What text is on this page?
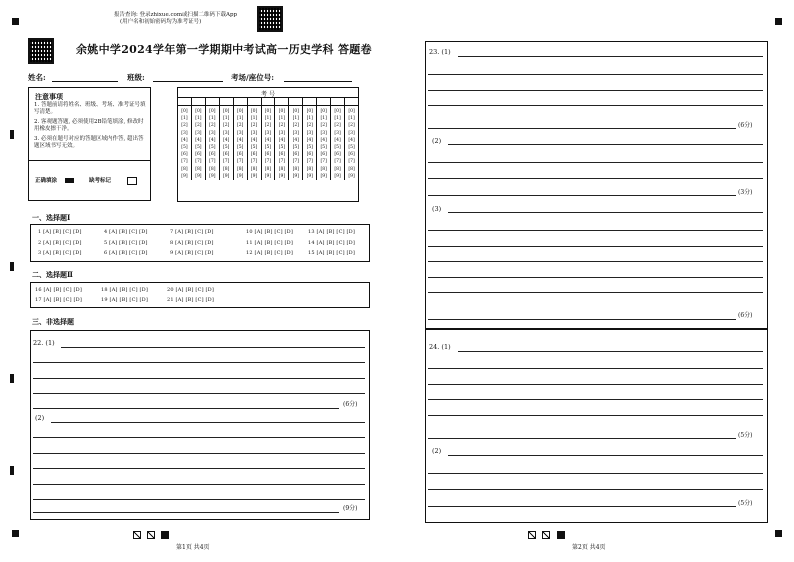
报告查询: 登录zhixue.com或扫描二维码下载App
(用户名和初始密码均为准考证号)
余姚中学2024学年第一学期期中考试高一历史学科 答题卷
姓名:	班级:	考场/座位号:
注意事项
1. 答题前请将姓名、班级、考场、准考证号填写清楚。
2. 客观题答题, 必须使用2B铅笔填涂, 修改时用橡皮擦干净。
3. 必须在题号对应的答题区域内作答, 超出答题区域书写无效。
正确填涂	缺考标记
考 号

[0]	[0]	[0]	[0]	[0]	[0]	[0]	[0]	[0]	[0]	[0]	[0]	[0]
[1]	[1]	[1]	[1]	[1]	[1]	[1]	[1]	[1]	[1]	[1]	[1]	[1]
[2]	[2]	[2]	[2]	[2]	[2]	[2]	[2]	[2]	[2]	[2]	[2]	[2]
[3]	[3]	[3]	[3]	[3]	[3]	[3]	[3]	[3]	[3]	[3]	[3]	[3]
[4]	[4]	[4]	[4]	[4]	[4]	[4]	[4]	[4]	[4]	[4]	[4]	[4]
[5]	[5]	[5]	[5]	[5]	[5]	[5]	[5]	[5]	[5]	[5]	[5]	[5]
[6]	[6]	[6]	[6]	[6]	[6]	[6]	[6]	[6]	[6]	[6]	[6]	[6]
[7]	[7]	[7]	[7]	[7]	[7]	[7]	[7]	[7]	[7]	[7]	[7]	[7]
[8]	[8]	[8]	[8]	[8]	[8]	[8]	[8]	[8]	[8]	[8]	[8]	[8]
[9]	[9]	[9]	[9]	[9]	[9]	[9]	[9]	[9]	[9]	[9]	[9]	[9]
一、选择题Ⅰ
1 [A] [B] [C] [D]	4 [A] [B] [C] [D]	7 [A] [B] [C] [D]	10 [A] [B] [C] [D]	13 [A] [B] [C] [D]
2 [A] [B] [C] [D]	5 [A] [B] [C] [D]	8 [A] [B] [C] [D]	11 [A] [B] [C] [D]	14 [A] [B] [C] [D]
3 [A] [B] [C] [D]	6 [A] [B] [C] [D]	9 [A] [B] [C] [D]	12 [A] [B] [C] [D]	15 [A] [B] [C] [D]
二、选择题Ⅱ
16 [A] [B] [C] [D]	18 [A] [B] [C] [D]	20 [A] [B] [C] [D]
17 [A] [B] [C] [D]	19 [A] [B] [C] [D]	21 [A] [B] [C] [D]
三、非选择题
22. (1)
(6分)
(2)
(9分)
第1页 共4页
23. (1)
(6分)
(2)
(3分)
(3)
(6分)
24. (1)
(5分)
(2)
(5分)
第2页 共4页
